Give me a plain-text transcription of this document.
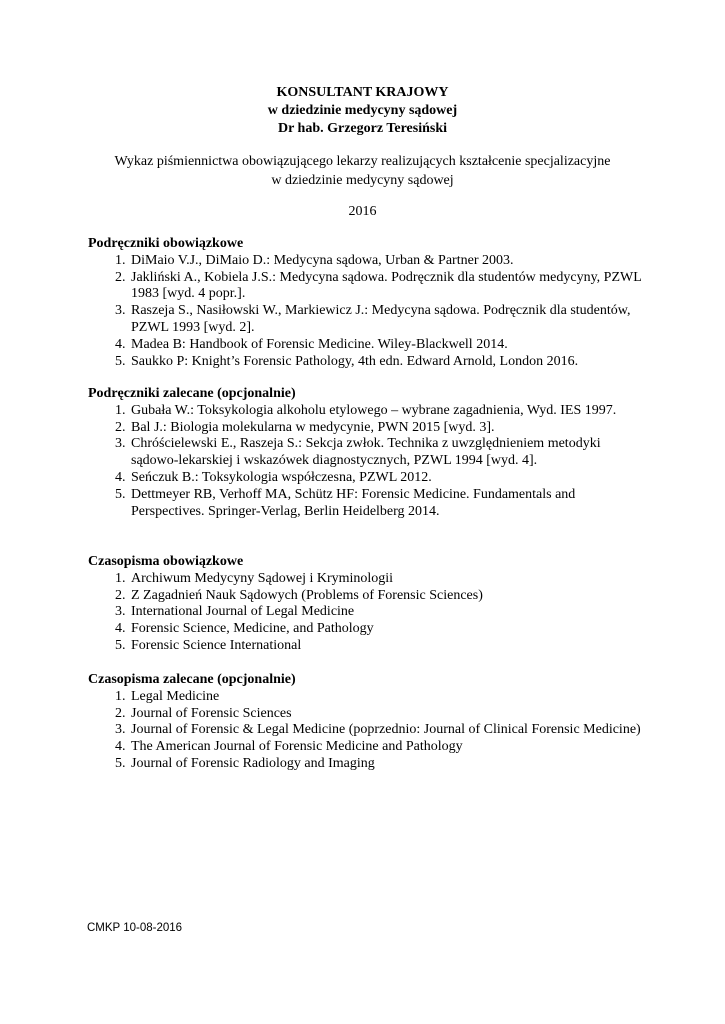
KONSULTANT KRAJOWY
w dziedzinie medycyny sądowej
Dr hab. Grzegorz Teresiński
Wykaz piśmiennictwa obowiązującego lekarzy realizujących kształcenie specjalizacyjne
w dziedzinie medycyny sądowej
2016

Podręczniki obowiązkowe

1. DiMaio V.J., DiMaio D.: Medycyna sądowa, Urban & Partner 2003.
2. Jakliński A., Kobiela J.S.: Medycyna sądowa. Podręcznik dla studentów medycyny, PZWL 1983 [wyd. 4 popr.].
3. Raszeja S., Nasiłowski W., Markiewicz J.: Medycyna sądowa. Podręcznik dla studentów, PZWL 1993 [wyd. 2].
4. Madea B: Handbook of Forensic Medicine. Wiley-Blackwell 2014.
5. Saukko P: Knight’s Forensic Pathology, 4th edn. Edward Arnold, London 2016.

Podręczniki zalecane (opcjonalnie)

1. Gubała W.: Toksykologia alkoholu etylowego – wybrane zagadnienia, Wyd. IES 1997.
2. Bal J.: Biologia molekularna w medycynie, PWN 2015 [wyd. 3].
3. Chróścielewski E., Raszeja S.: Sekcja zwłok. Technika z uwzględnieniem metodyki sądowo-lekarskiej i wskazówek diagnostycznych, PZWL 1994 [wyd. 4].
4. Seńczuk B.: Toksykologia współczesna, PZWL 2012.
5. Dettmeyer RB, Verhoff MA, Schütz HF: Forensic Medicine. Fundamentals and Perspectives. Springer-Verlag, Berlin Heidelberg 2014.

Czasopisma obowiązkowe

1. Archiwum Medycyny Sądowej i Kryminologii
2. Z Zagadnień Nauk Sądowych (Problems of Forensic Sciences)
3. International Journal of Legal Medicine
4. Forensic Science, Medicine, and Pathology
5. Forensic Science International

Czasopisma zalecane (opcjonalnie)

1. Legal Medicine
2. Journal of Forensic Sciences
3. Journal of Forensic & Legal Medicine (poprzednio: Journal of Clinical Forensic Medicine)
4. The American Journal of Forensic Medicine and Pathology
5. Journal of Forensic Radiology and Imaging
CMKP 10-08-2016
